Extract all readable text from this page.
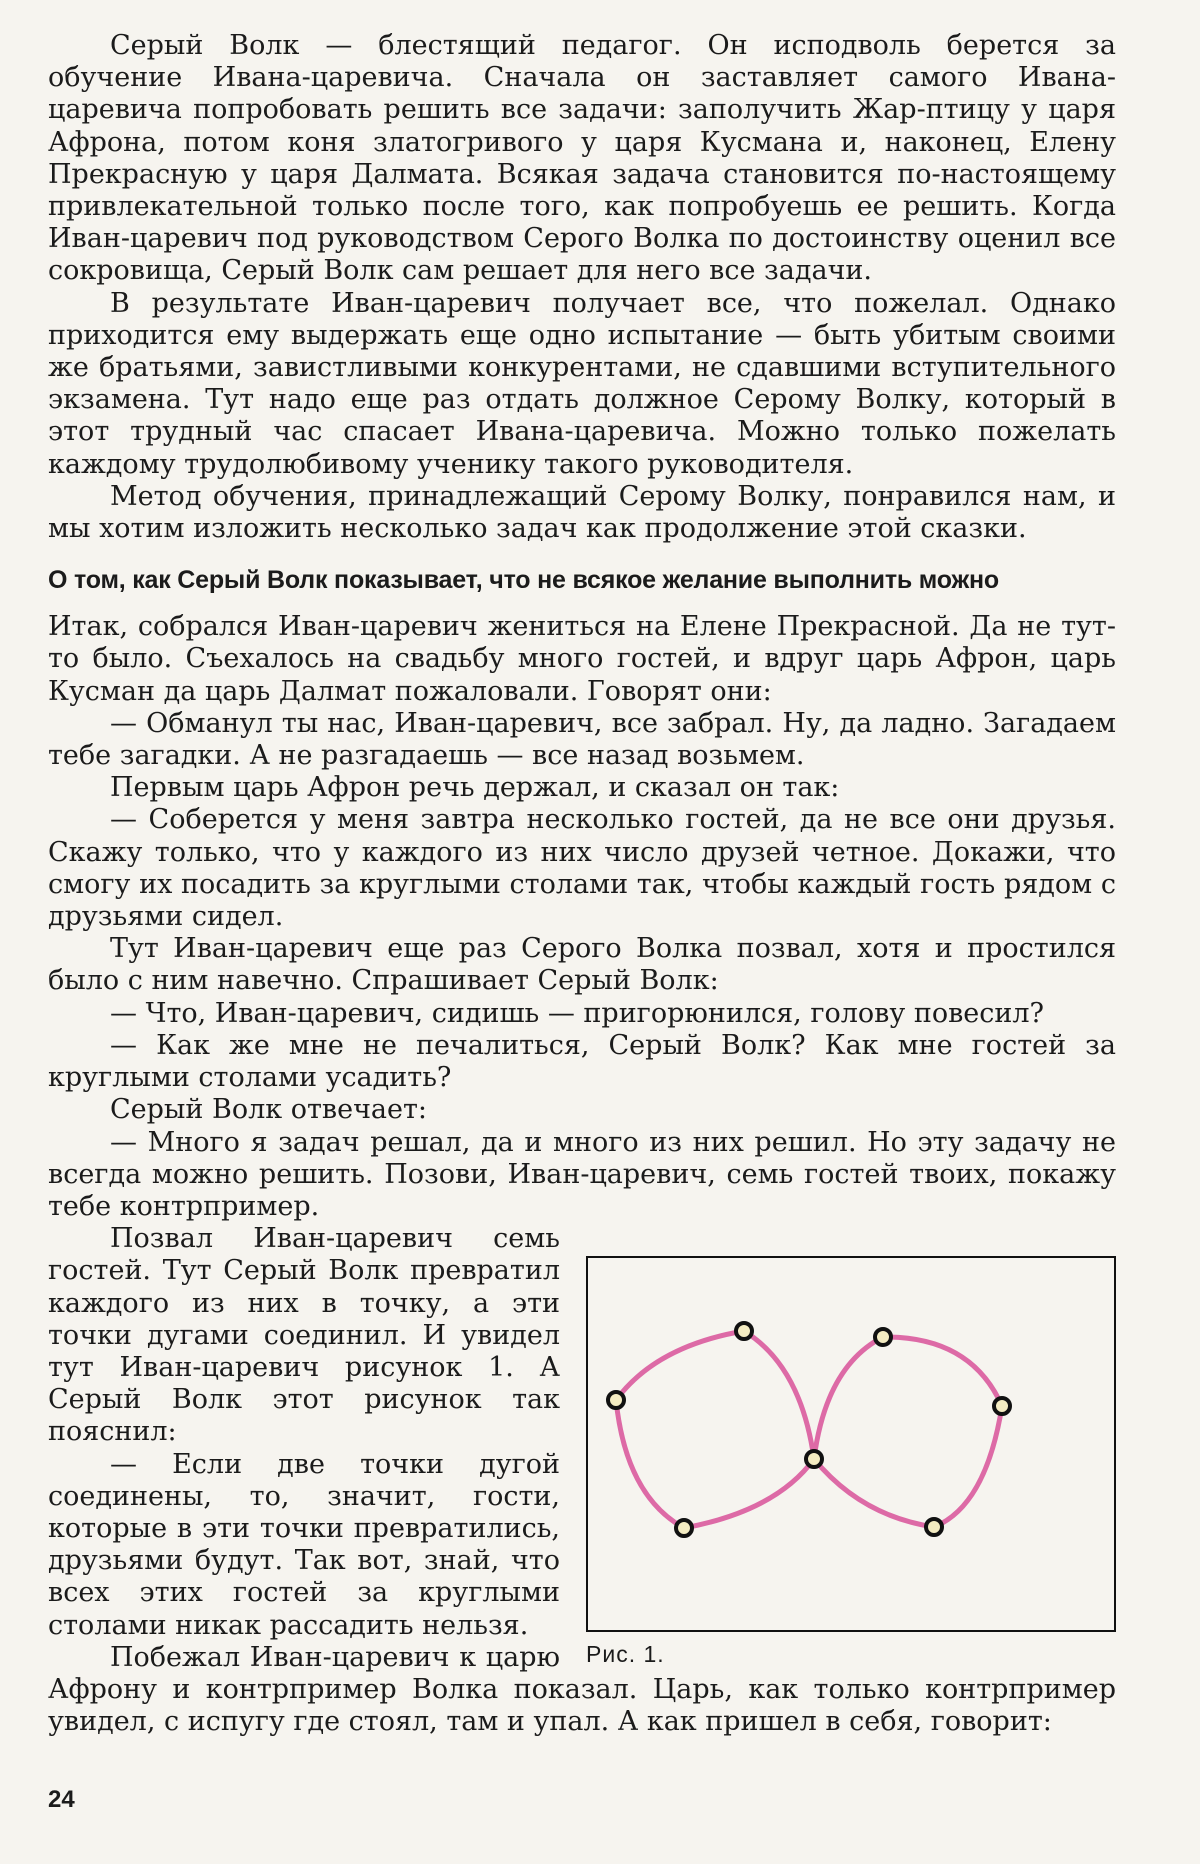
Серый Волк — блестящий педагог. Он исподволь берется за обучение Ивана-царевича. Сначала он заставляет самого Ивана-царевича попробовать решить все задачи: заполучить Жар-птицу у царя Афрона, потом коня златогривого у царя Кусмана и, наконец, Елену Прекрасную у царя Далмата. Всякая задача становится по-настоящему привлекательной только после того, как попробуешь ее решить. Когда Иван-царевич под руководством Серого Волка по достоинству оценил все сокровища, Серый Волк сам решает для него все задачи.

В результате Иван-царевич получает все, что пожелал. Однако приходится ему выдержать еще одно испытание — быть убитым своими же братьями, завистливыми конкурентами, не сдавшими вступительного экзамена. Тут надо еще раз отдать должное Серому Волку, который в этот трудный час спасает Ивана-царевича. Можно только пожелать каждому трудолюбивому ученику такого руководителя.

Метод обучения, принадлежащий Серому Волку, понравился нам, и мы хотим изложить несколько задач как продолжение этой сказки.

О том, как Серый Волк показывает, что не всякое желание выполнить можно

Итак, собрался Иван-царевич жениться на Елене Прекрасной. Да не тут-то было. Съехалось на свадьбу много гостей, и вдруг царь Афрон, царь Кусман да царь Далмат пожаловали. Говорят они:

— Обманул ты нас, Иван-царевич, все забрал. Ну, да ладно. Загадаем тебе загадки. А не разгадаешь — все назад возьмем.

Первым царь Афрон речь держал, и сказал он так:

— Соберется у меня завтра несколько гостей, да не все они друзья. Скажу только, что у каждого из них число друзей четное. Докажи, что смогу их посадить за круглыми столами так, чтобы каждый гость рядом с друзьями сидел.

Тут Иван-царевич еще раз Серого Волка позвал, хотя и простился было с ним навечно. Спрашивает Серый Волк:

— Что, Иван-царевич, сидишь — пригорюнился, голову повесил?

— Как же мне не печалиться, Серый Волк? Как мне гостей за круглыми столами усадить?

Серый Волк отвечает:

— Много я задач решал, да и много из них решил. Но эту задачу не всегда можно решить. Позови, Иван-царевич, семь гостей твоих, покажу тебе контрпример.

Рис. 1.

Позвал Иван-царевич семь гостей. Тут Серый Волк превратил каждого из них в точку, а эти точки дугами соединил. И увидел тут Иван-царевич рисунок 1. А Серый Волк этот рисунок так пояснил:

— Если две точки дугой соединены, то, значит, гости, которые в эти точки превратились, друзьями будут. Так вот, знай, что всех этих гостей за круглыми столами никак рассадить нельзя.

Побежал Иван-царевич к царю Афрону и контрпример Волка показал. Царь, как только контрпример увидел, с испугу где стоял, там и упал. А как пришел в себя, говорит:

24
